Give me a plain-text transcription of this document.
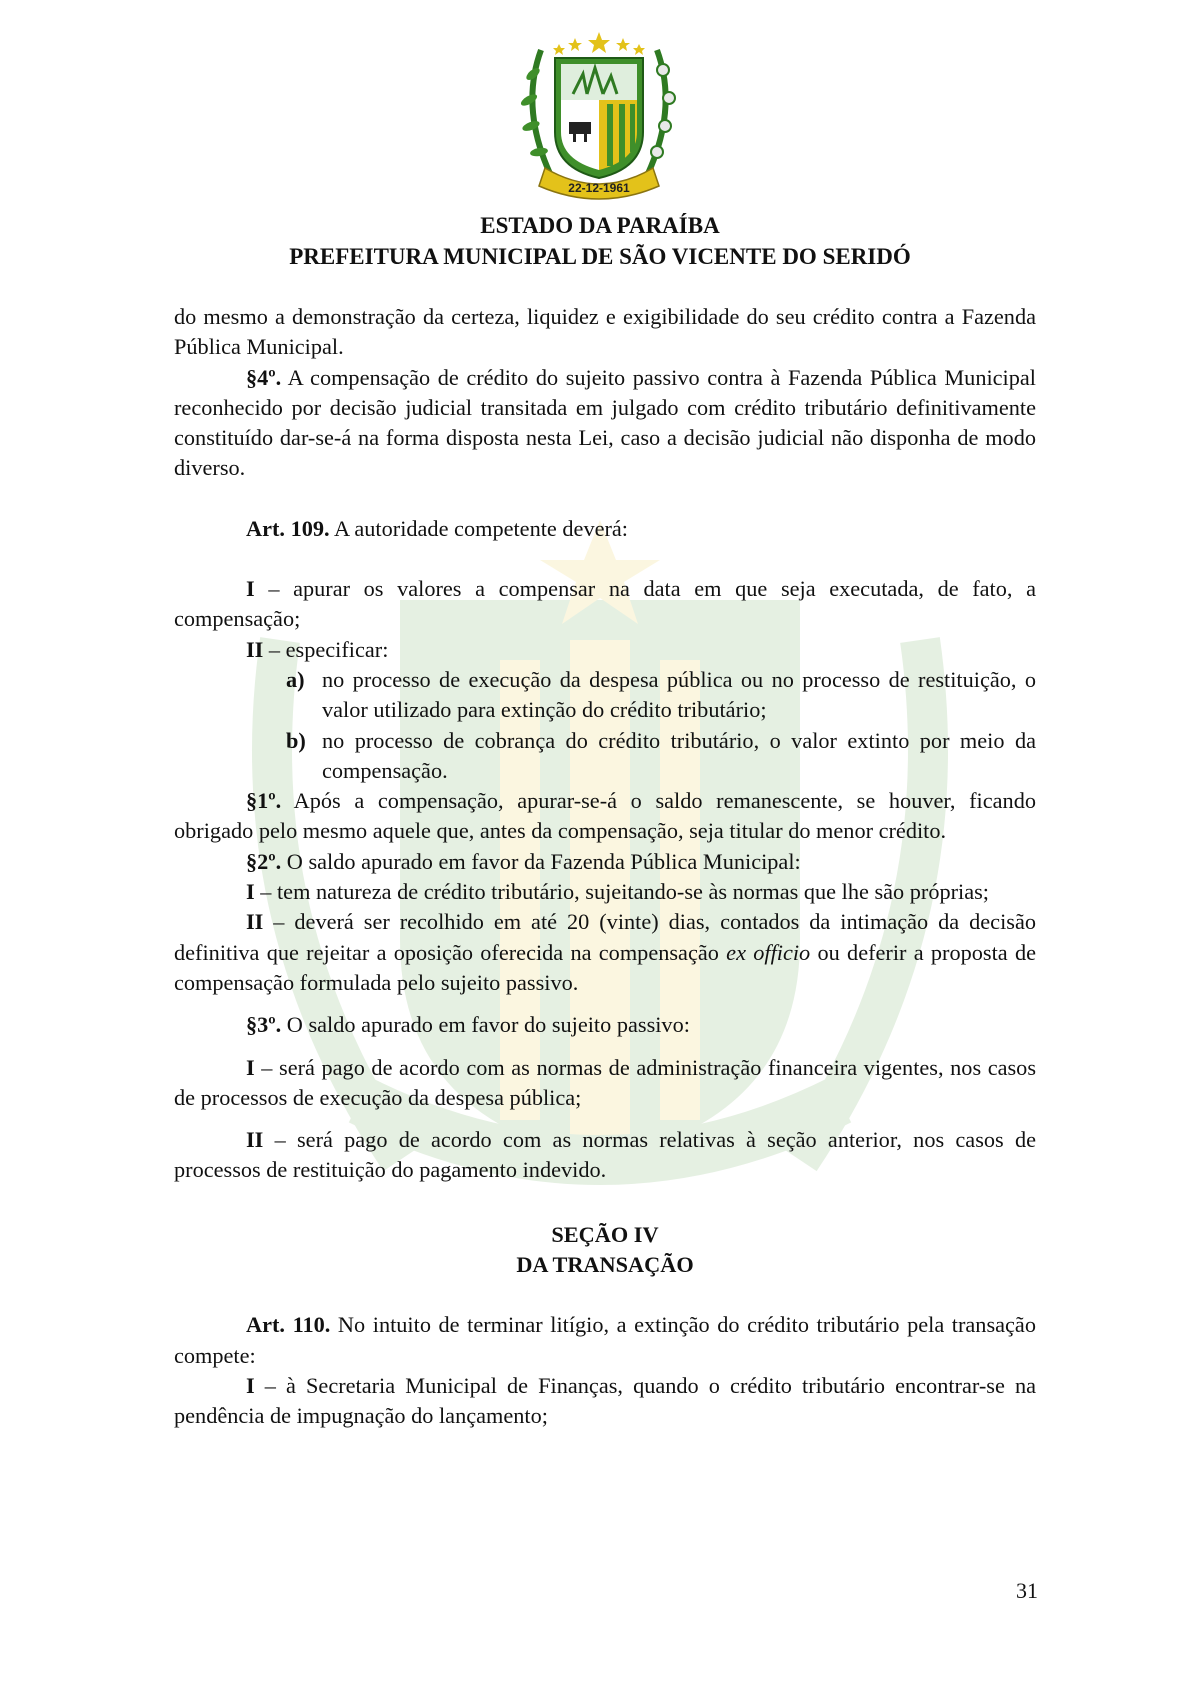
22-12-1961
ESTADO DA PARAÍBA
PREFEITURA MUNICIPAL DE SÃO VICENTE DO SERIDÓ

do mesmo a demonstração da certeza, liquidez e exigibilidade do seu crédito contra a Fazenda Pública Municipal.

§4º. A compensação de crédito do sujeito passivo contra à Fazenda Pública Municipal reconhecido por decisão judicial transitada em julgado com crédito tributário definitivamente constituído dar-se-á na forma disposta nesta Lei, caso a decisão judicial não disponha de modo diverso.

Art. 109. A autoridade competente deverá:

I – apurar os valores a compensar na data em que seja executada, de fato, a compensação;

II – especificar:

a) no processo de execução da despesa pública ou no processo de restituição, o valor utilizado para extinção do crédito tributário;
b) no processo de cobrança do crédito tributário, o valor extinto por meio da compensação.

§1º. Após a compensação, apurar-se-á o saldo remanescente, se houver, ficando obrigado pelo mesmo aquele que, antes da compensação, seja titular do menor crédito.

§2º. O saldo apurado em favor da Fazenda Pública Municipal:

I – tem natureza de crédito tributário, sujeitando-se às normas que lhe são próprias;

II – deverá ser recolhido em até 20 (vinte) dias, contados da intimação da decisão definitiva que rejeitar a oposição oferecida na compensação ex officio ou deferir a proposta de compensação formulada pelo sujeito passivo.

§3º. O saldo apurado em favor do sujeito passivo:

I – será pago de acordo com as normas de administração financeira vigentes, nos casos de processos de execução da despesa pública;

II – será pago de acordo com as normas relativas à seção anterior, nos casos de processos de restituição do pagamento indevido.

SEÇÃO IV

DA TRANSAÇÃO

Art. 110. No intuito de terminar litígio, a extinção do crédito tributário pela transação compete:

I – à Secretaria Municipal de Finanças, quando o crédito tributário encontrar-se na pendência de impugnação do lançamento;

31
